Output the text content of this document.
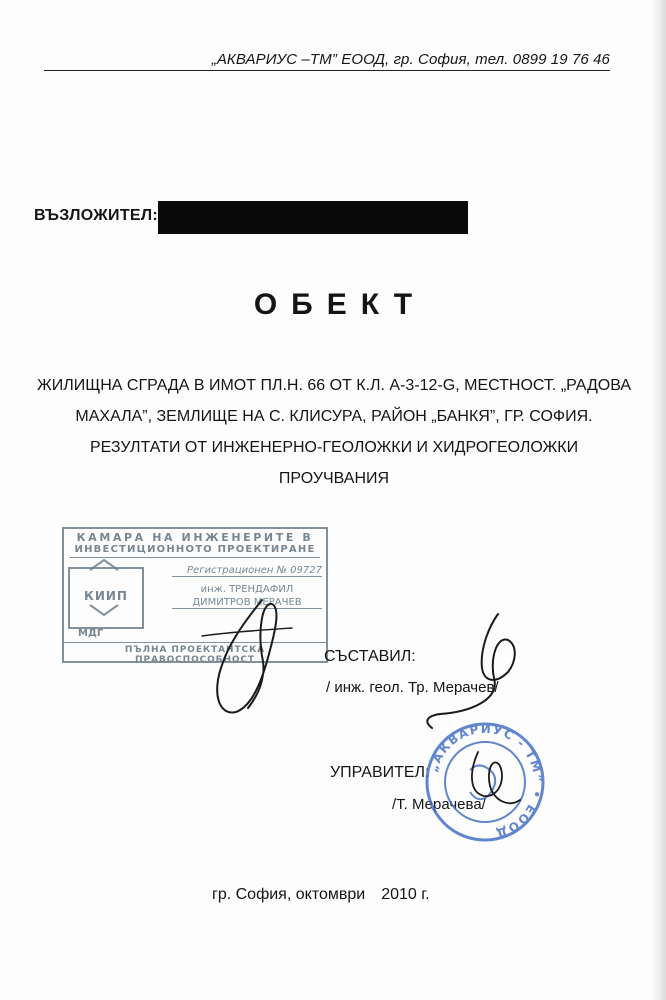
„АКВАРИУС –ТМ” ЕООД, гр. София, тел. 0899 19 76 46
ВЪЗЛОЖИТЕЛ:
ОБЕКТ
ЖИЛИЩНА СГРАДА В ИМОТ ПЛ.Н. 66 ОТ К.Л. А-3-12-G, МЕСТНОСТ. „РАДОВА МАХАЛА”, ЗЕМЛИЩЕ НА С. КЛИСУРА, РАЙОН „БАНКЯ”, ГР. СОФИЯ. РЕЗУЛТАТИ ОТ ИНЖЕНЕРНО-ГЕОЛОЖКИ И ХИДРОГЕОЛОЖКИ ПРОУЧВАНИЯ
КАМАРА НА ИНЖЕНЕРИТЕ В
ИНВЕСТИЦИОННОТО ПРОЕКТИРАНЕ
КИИП
Регистрационен № 09727
инж. ТРЕНДАФИЛ
ДИМИТРОВ МЕРАЧЕВ
МДГ
ПЪЛНА ПРОЕКТАНТСКА ПРАВОСПОСОБНОСТ	СЪСТАВИЛ:
/ инж. геол. Тр. Мерачев/
УПРАВИТЕЛ:
/Т. Мерачева/
гр. София, октомври 2010 г.
„АКВАРИУС - ТМ” • ЕООД
